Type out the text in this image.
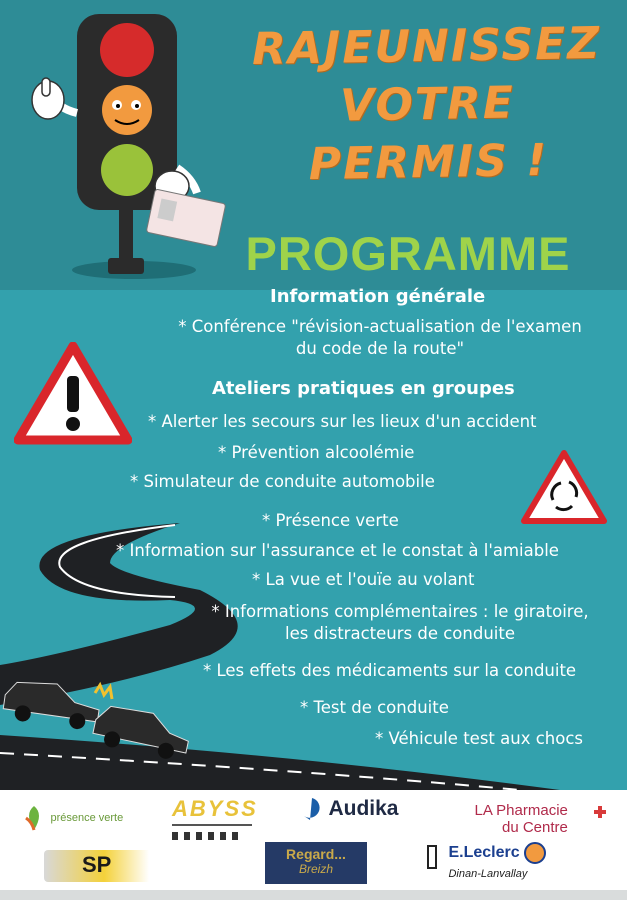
RAJEUNISSEZ
VOTRE
PERMIS !
PROGRAMME
Information générale
* Conférence "révision-actualisation de l'examen
du code de la route"
Ateliers pratiques en groupes
* Alerter les secours sur les lieux d'un accident
* Prévention alcoolémie
* Simulateur de conduite automobile
* Présence verte
* Information sur l'assurance et le constat à l'amiable
* La vue et l'ouïe au volant
* Informations complémentaires : le giratoire,
les distracteurs de conduite
* Les effets des médicaments sur la conduite
* Test de conduite
* Véhicule test aux chocs
présence verte ABYSS	Audika	LA Pharmacie
du Centre
SP	Regard...
Breizh
E.Leclerc
Dinan-Lanvallay
